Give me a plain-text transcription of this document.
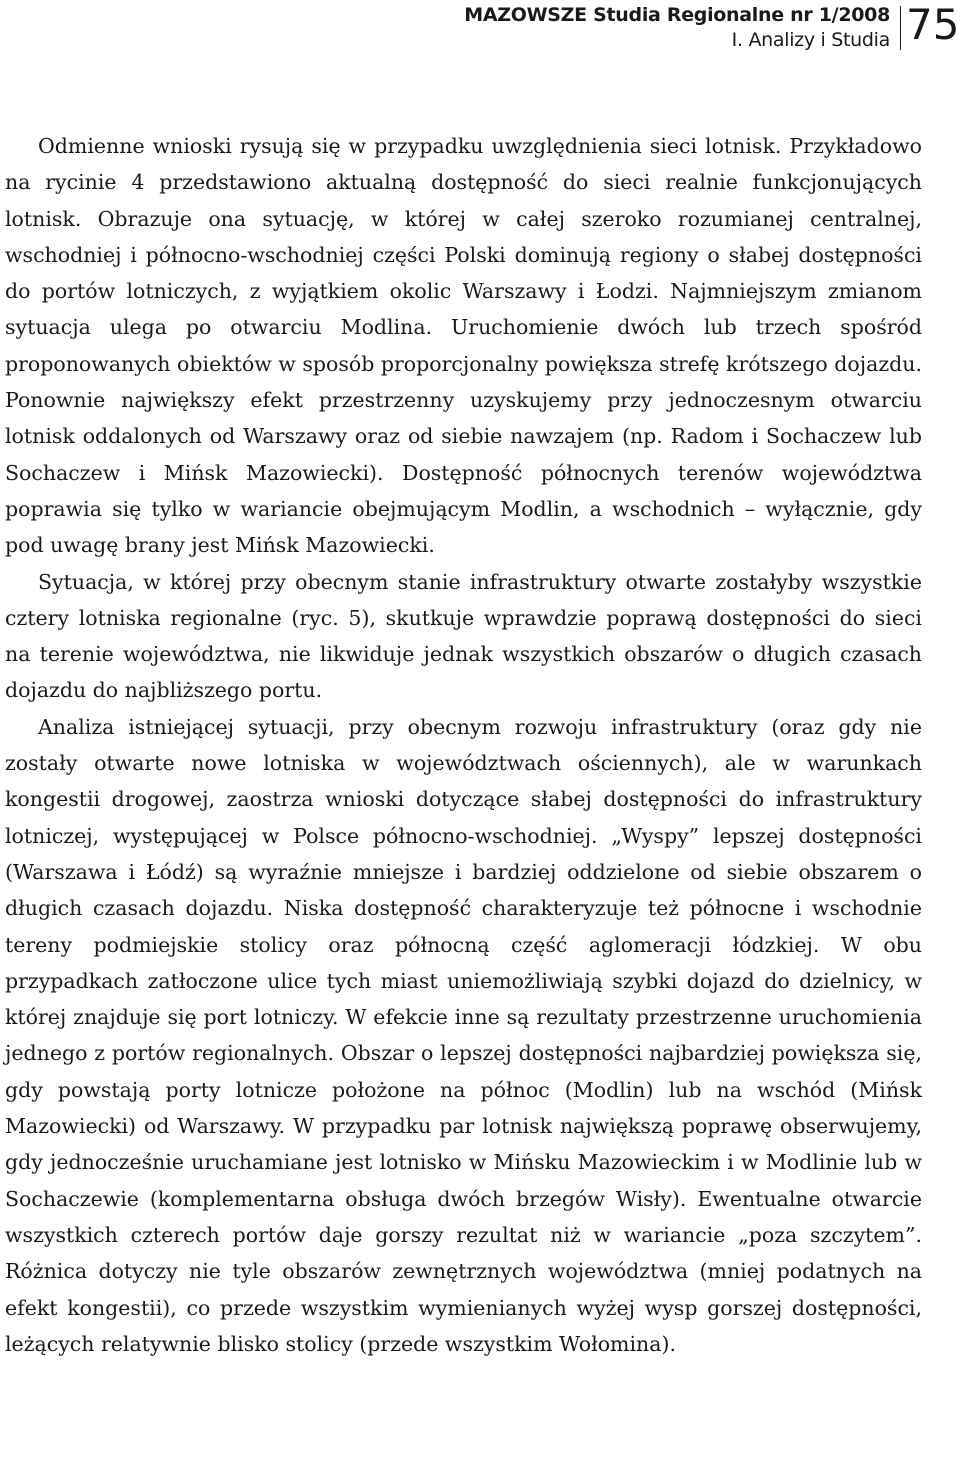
MAZOWSZE Studia Regionalne nr 1/2008
I. Analizy i Studia 75

Odmienne wnioski rysują się w przypadku uwzględnienia sieci lotnisk. Przykładowo na rycinie 4 przedstawiono aktualną dostępność do sieci realnie funkcjonujących lotnisk. Obrazuje ona sytuację, w której w całej szeroko rozumianej centralnej, wschodniej i północno-wschodniej części Polski dominują regiony o słabej dostępności do portów lotniczych, z wyjątkiem okolic Warszawy i Łodzi. Najmniejszym zmianom sytuacja ulega po otwarciu Modlina. Uruchomienie dwóch lub trzech spośród proponowanych obiektów w sposób proporcjonalny powiększa strefę krótszego dojazdu. Ponownie największy efekt przestrzenny uzyskujemy przy jednoczesnym otwarciu lotnisk oddalonych od Warszawy oraz od siebie nawzajem (np. Radom i Sochaczew lub Sochaczew i Mińsk Mazowiecki). Dostępność północnych terenów województwa poprawia się tylko w wariancie obejmującym Modlin, a wschodnich – wyłącznie, gdy pod uwagę brany jest Mińsk Mazowiecki.

Sytuacja, w której przy obecnym stanie infrastruktury otwarte zostałyby wszystkie cztery lotniska regionalne (ryc. 5), skutkuje wprawdzie poprawą dostępności do sieci na terenie województwa, nie likwiduje jednak wszystkich obszarów o długich czasach dojazdu do najbliższego portu.

Analiza istniejącej sytuacji, przy obecnym rozwoju infrastruktury (oraz gdy nie zostały otwarte nowe lotniska w województwach ościennych), ale w warunkach kongestii drogowej, zaostrza wnioski dotyczące słabej dostępności do infrastruktury lotniczej, występującej w Polsce północno-wschodniej. „Wyspy” lepszej dostępności (Warszawa i Łódź) są wyraźnie mniejsze i bardziej oddzielone od siebie obszarem o długich czasach dojazdu. Niska dostępność charakteryzuje też północne i wschodnie tereny podmiejskie stolicy oraz północną część aglomeracji łódzkiej. W obu przypadkach zatłoczone ulice tych miast uniemożliwiają szybki dojazd do dzielnicy, w której znajduje się port lotniczy. W efekcie inne są rezultaty przestrzenne uruchomienia jednego z portów regionalnych. Obszar o lepszej dostępności najbardziej powiększa się, gdy powstają porty lotnicze położone na północ (Modlin) lub na wschód (Mińsk Mazowiecki) od Warszawy. W przypadku par lotnisk największą poprawę obserwujemy, gdy jednocześnie uruchamiane jest lotnisko w Mińsku Mazowieckim i w Modlinie lub w Sochaczewie (komplementarna obsługa dwóch brzegów Wisły). Ewentualne otwarcie wszystkich czterech portów daje gorszy rezultat niż w wariancie „poza szczytem”. Różnica dotyczy nie tyle obszarów zewnętrznych województwa (mniej podatnych na efekt kongestii), co przede wszystkim wymienianych wyżej wysp gorszej dostępności, leżących relatywnie blisko stolicy (przede wszystkim Wołomina).
